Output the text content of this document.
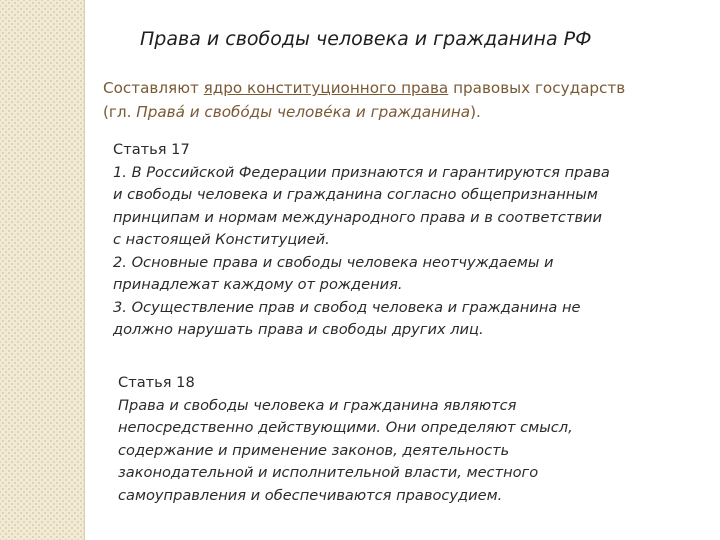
Права и свободы человека и гражданина РФ

Составляют ядро конституционного права правовых государств
(гл. Права́ и свобо́ды челове́ка и гражданина).

Статья 17
1. В Российской Федерации признаются и гарантируются права
и свободы человека и гражданина согласно общепризнанным
принципам и нормам международного права и в соответствии
с настоящей Конституцией.
2. Основные права и свободы человека неотчуждаемы и
принадлежат каждому от рождения.
3. Осуществление прав и свобод человека и гражданина не
должно нарушать права и свободы других лиц.
Статья 18
Права и свободы человека и гражданина являются
непосредственно действующими. Они определяют смысл,
содержание и применение законов, деятельность
законодательной и исполнительной власти, местного
самоуправления и обеспечиваются правосудием.
